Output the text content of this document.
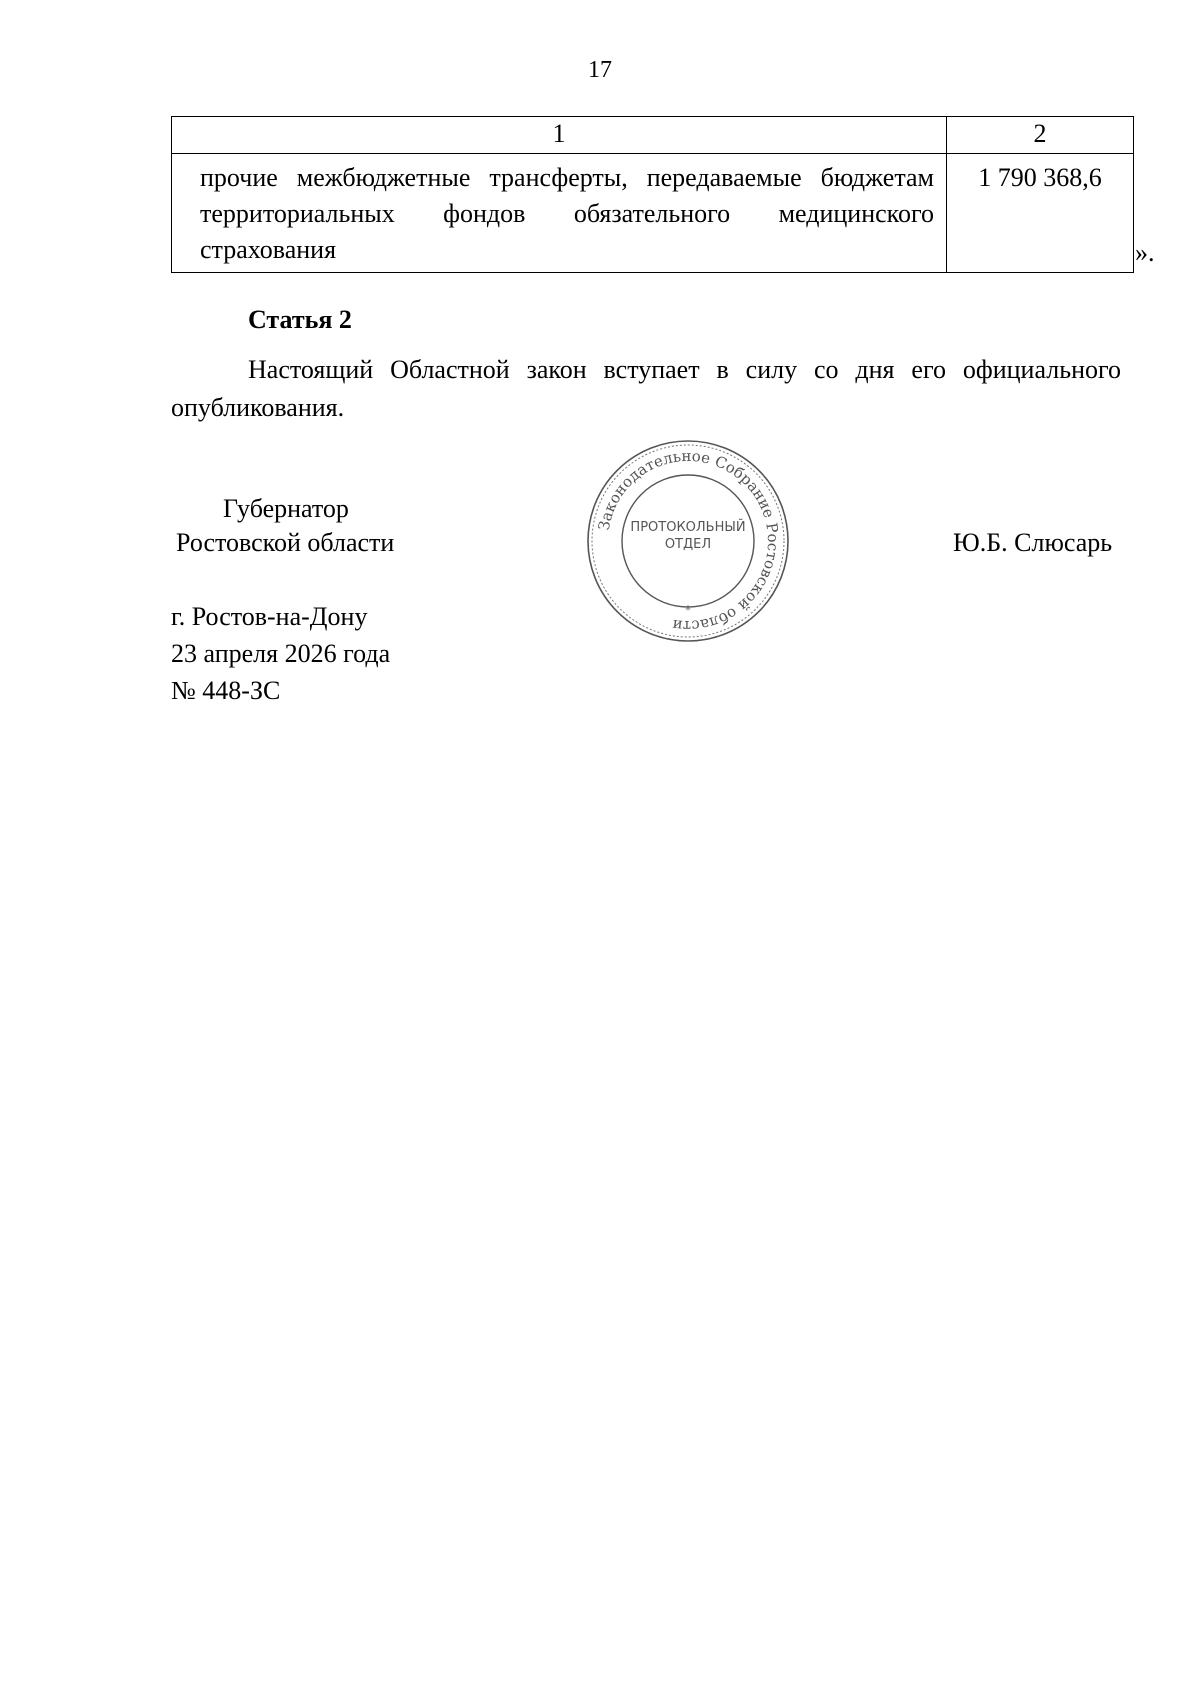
17
1	2

прочие межбюджетные трансферты, передаваемые бюджетам территориальных фондов обязательного медицинского страхования	1 790 368,6
».
Статья 2
Настоящий Областной закон вступает в силу со дня его официального опубликования.
Губернатор
Ростовской области	Ю.Б. Слюсарь
Законодательное Собрание Ростовской области
ПРОТОКОЛЬНЫЙ
ОТДЕЛ
*
г. Ростов-на-Дону
23 апреля 2026 года
№ 448-ЗС
